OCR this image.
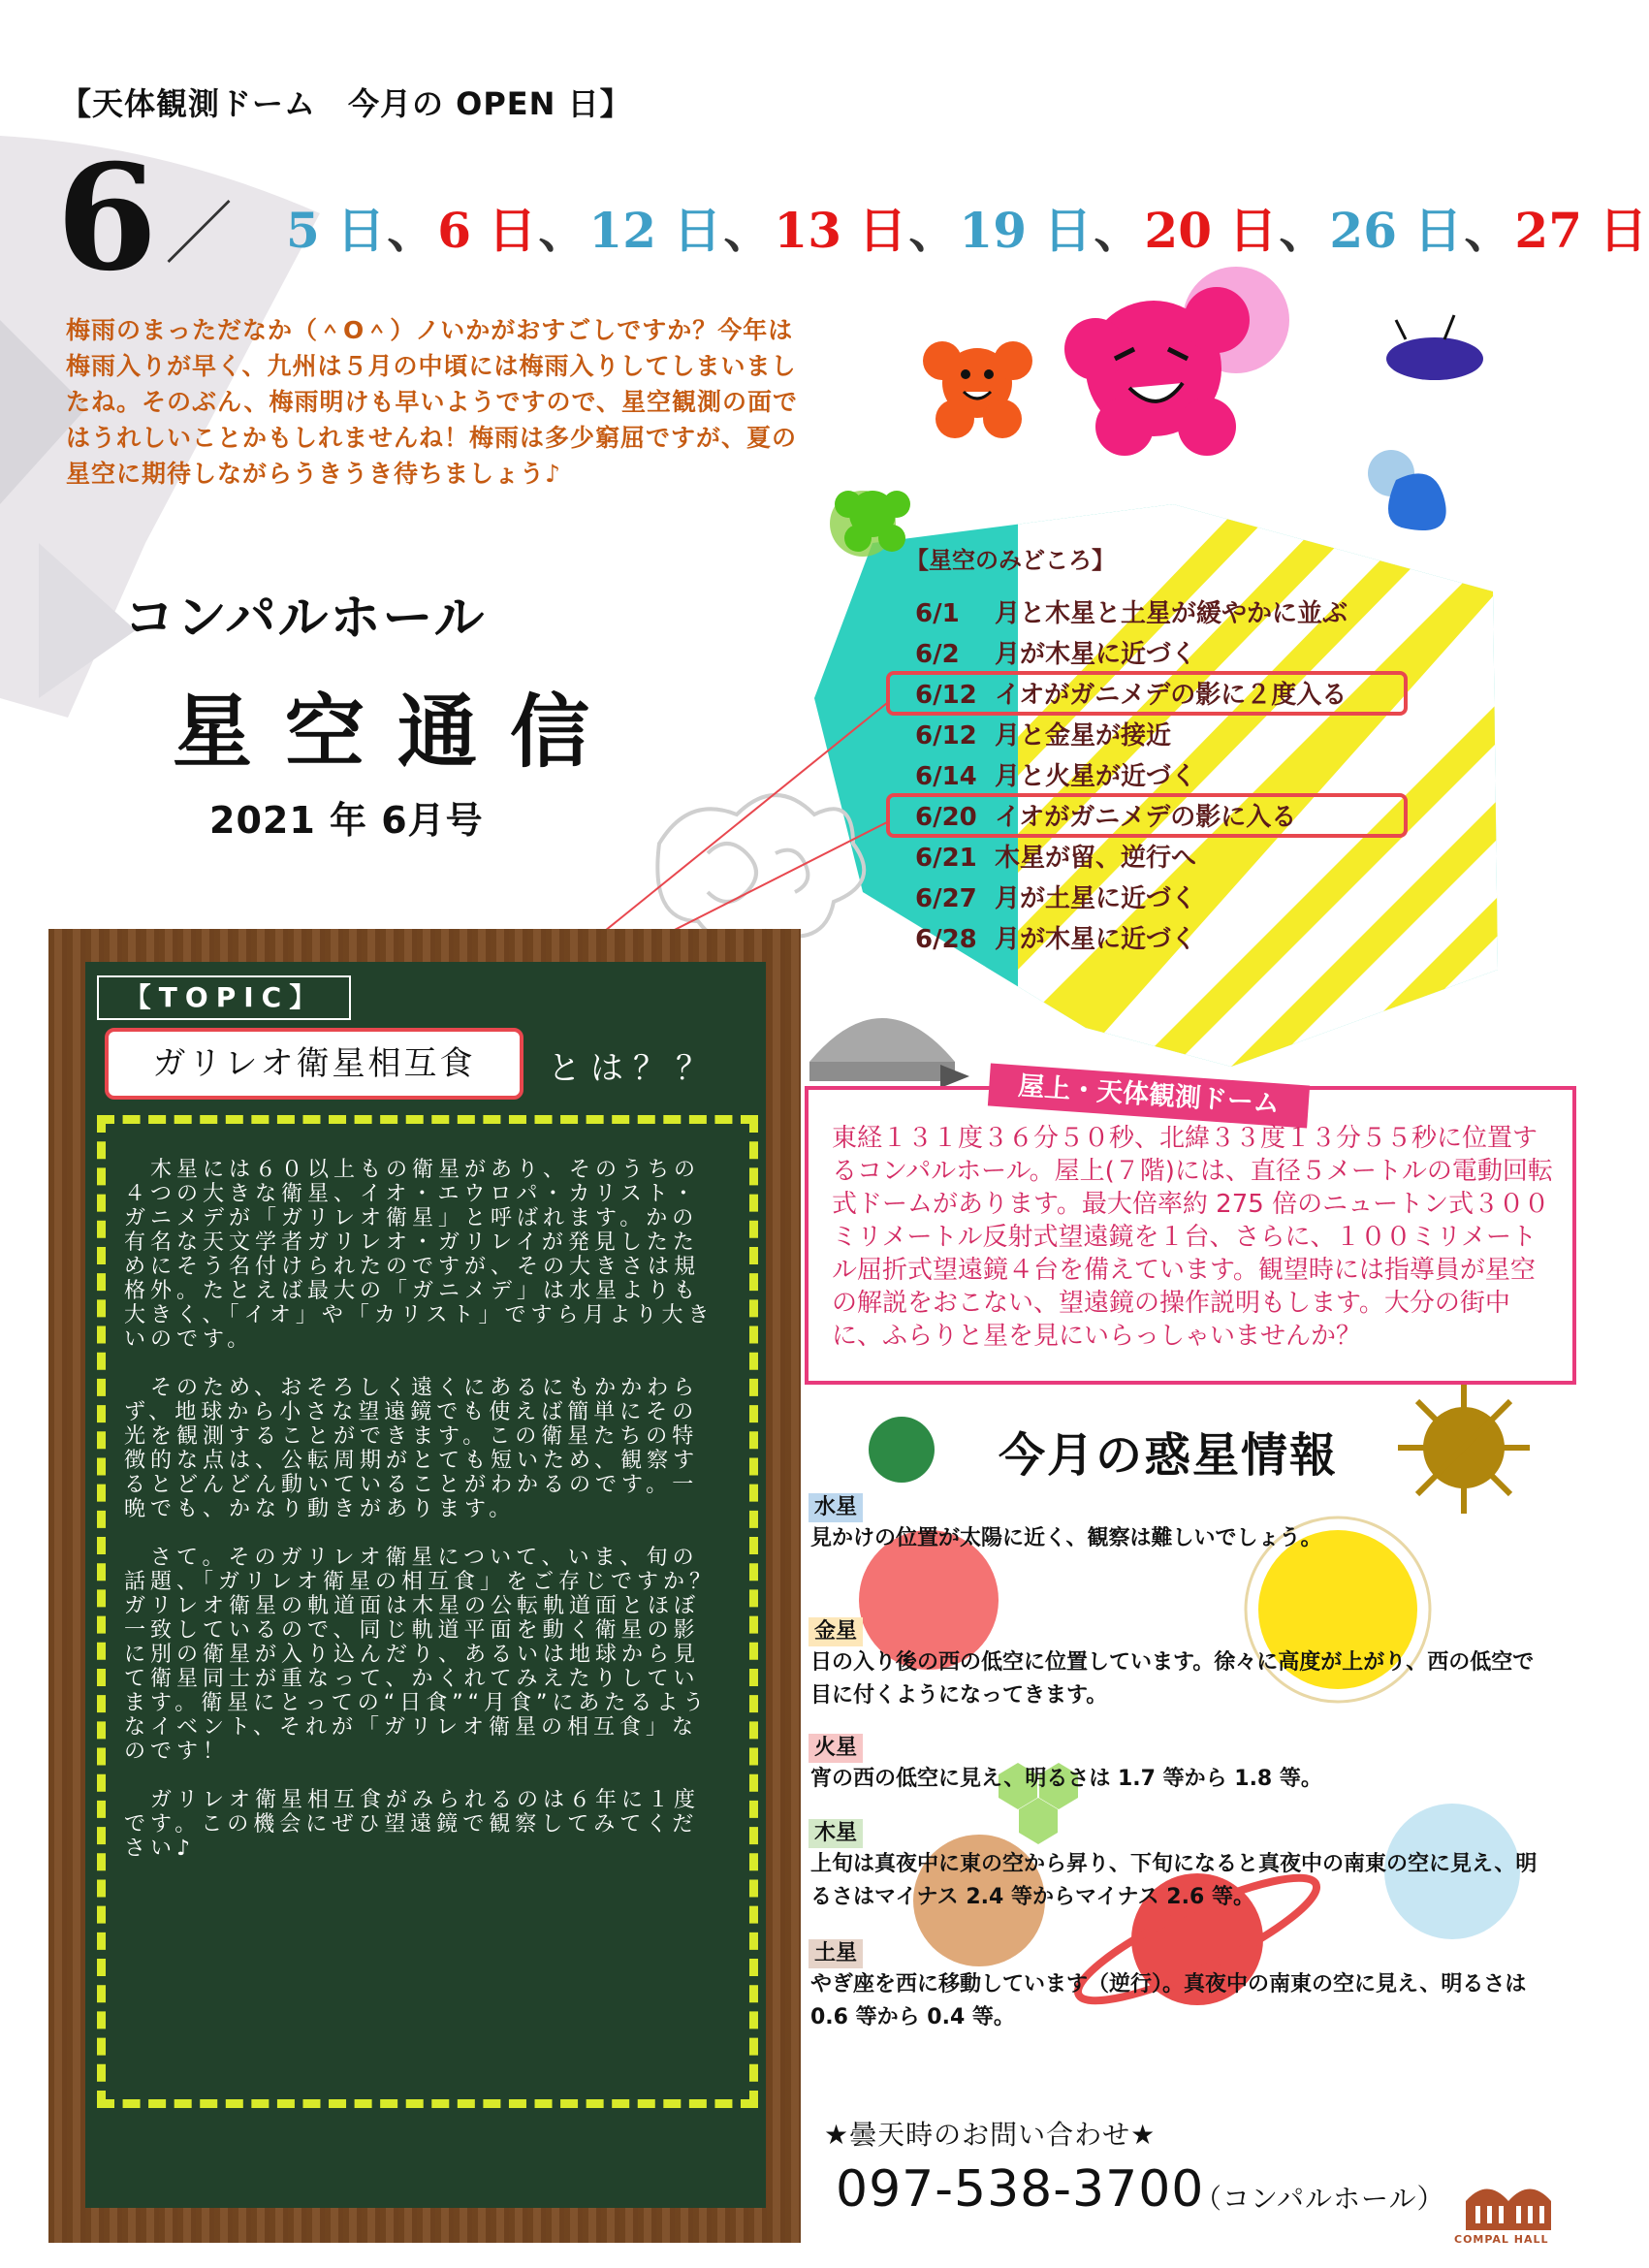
【天体観測ドーム　今月の OPEN 日】
6 ／ 5 日、6 日、12 日、13 日、19 日、20 日、26 日、27 日
梅雨のまっただなか（＾O＾）ノいかがおすごしですか？今年は梅雨入りが早く、九州は５月の中頃には梅雨入りしてしまいましたね。そのぶん、梅雨明けも早いようですので、星空観測の面ではうれしいことかもしれませんね！梅雨は多少窮屈ですが、夏の星空に期待しながらうきうき待ちましょう♪
コンパルホール
星空通信
2021 年 6月号
【星空のみどころ】
6/1 月と木星と土星が緩やかに並ぶ
6/2 月が木星に近づく
6/12 イオがガニメデの影に２度入る
6/12 月と金星が接近
6/14 月と火星が近づく
6/20 イオがガニメデの影に入る
6/21 木星が留、逆行へ
6/27 月が土星に近づく
6/28 月が木星に近づく
【TOPIC】
ガリレオ衛星相互食	とは？？
　木星には６０以上もの衛星があり、そのうちの４つの大きな衛星、イオ・エウロパ・カリスト・ガニメデが「ガリレオ衛星」と呼ばれます。かの有名な天文学者ガリレオ・ガリレイが発見したためにそう名付けられたのですが、その大きさは規格外。たとえば最大の「ガニメデ」は水星よりも大きく、「イオ」や「カリスト」ですら月より大きいのです。

　そのため、おそろしく遠くにあるにもかかわらず、地球から小さな望遠鏡でも使えば簡単にその光を観測することができます。この衛星たちの特徴的な点は、公転周期がとても短いため、観察するとどんどん動いていることがわかるのです。一晩でも、かなり動きがあります。

　さて。そのガリレオ衛星について、いま、旬の話題、「ガリレオ衛星の相互食」をご存じですか？ガリレオ衛星の軌道面は木星の公転軌道面とほぼ一致しているので、同じ軌道平面を動く衛星の影に別の衛星が入り込んだり、あるいは地球から見て衛星同士が重なって、かくれてみえたりしています。衛星にとっての“日食”“月食”にあたるようなイベント、それが「ガリレオ衛星の相互食」なのです！

　ガリレオ衛星相互食がみられるのは６年に１度です。この機会にぜひ望遠鏡で観察してみてください♪
屋上・天体観測ドーム
東経１３１度３６分５０秒、北緯３３度１３分５５秒に位置するコンパルホール。屋上(７階)には、直径５メートルの電動回転式ドームがあります。最大倍率約 275 倍のニュートン式３００ミリメートル反射式望遠鏡を１台、さらに、１００ミリメートル屈折式望遠鏡４台を備えています。観望時には指導員が星空の解説をおこない、望遠鏡の操作説明もします。大分の街中に、ふらりと星を見にいらっしゃいませんか？
今月の惑星情報
水星
見かけの位置が太陽に近く、観察は難しいでしょう。
金星
日の入り後の西の低空に位置しています。徐々に高度が上がり、西の低空で目に付くようになってきます。
火星
宵の西の低空に見え、明るさは 1.7 等から 1.8 等。
木星
上旬は真夜中に東の空から昇り、下旬になると真夜中の南東の空に見え、明るさはマイナス 2.4 等からマイナス 2.6 等。
土星
やぎ座を西に移動しています（逆行）。真夜中の南東の空に見え、明るさは 0.6 等から 0.4 等。
★曇天時のお問い合わせ★
097-538-3700
（コンパルホール）
COMPAL HALL
